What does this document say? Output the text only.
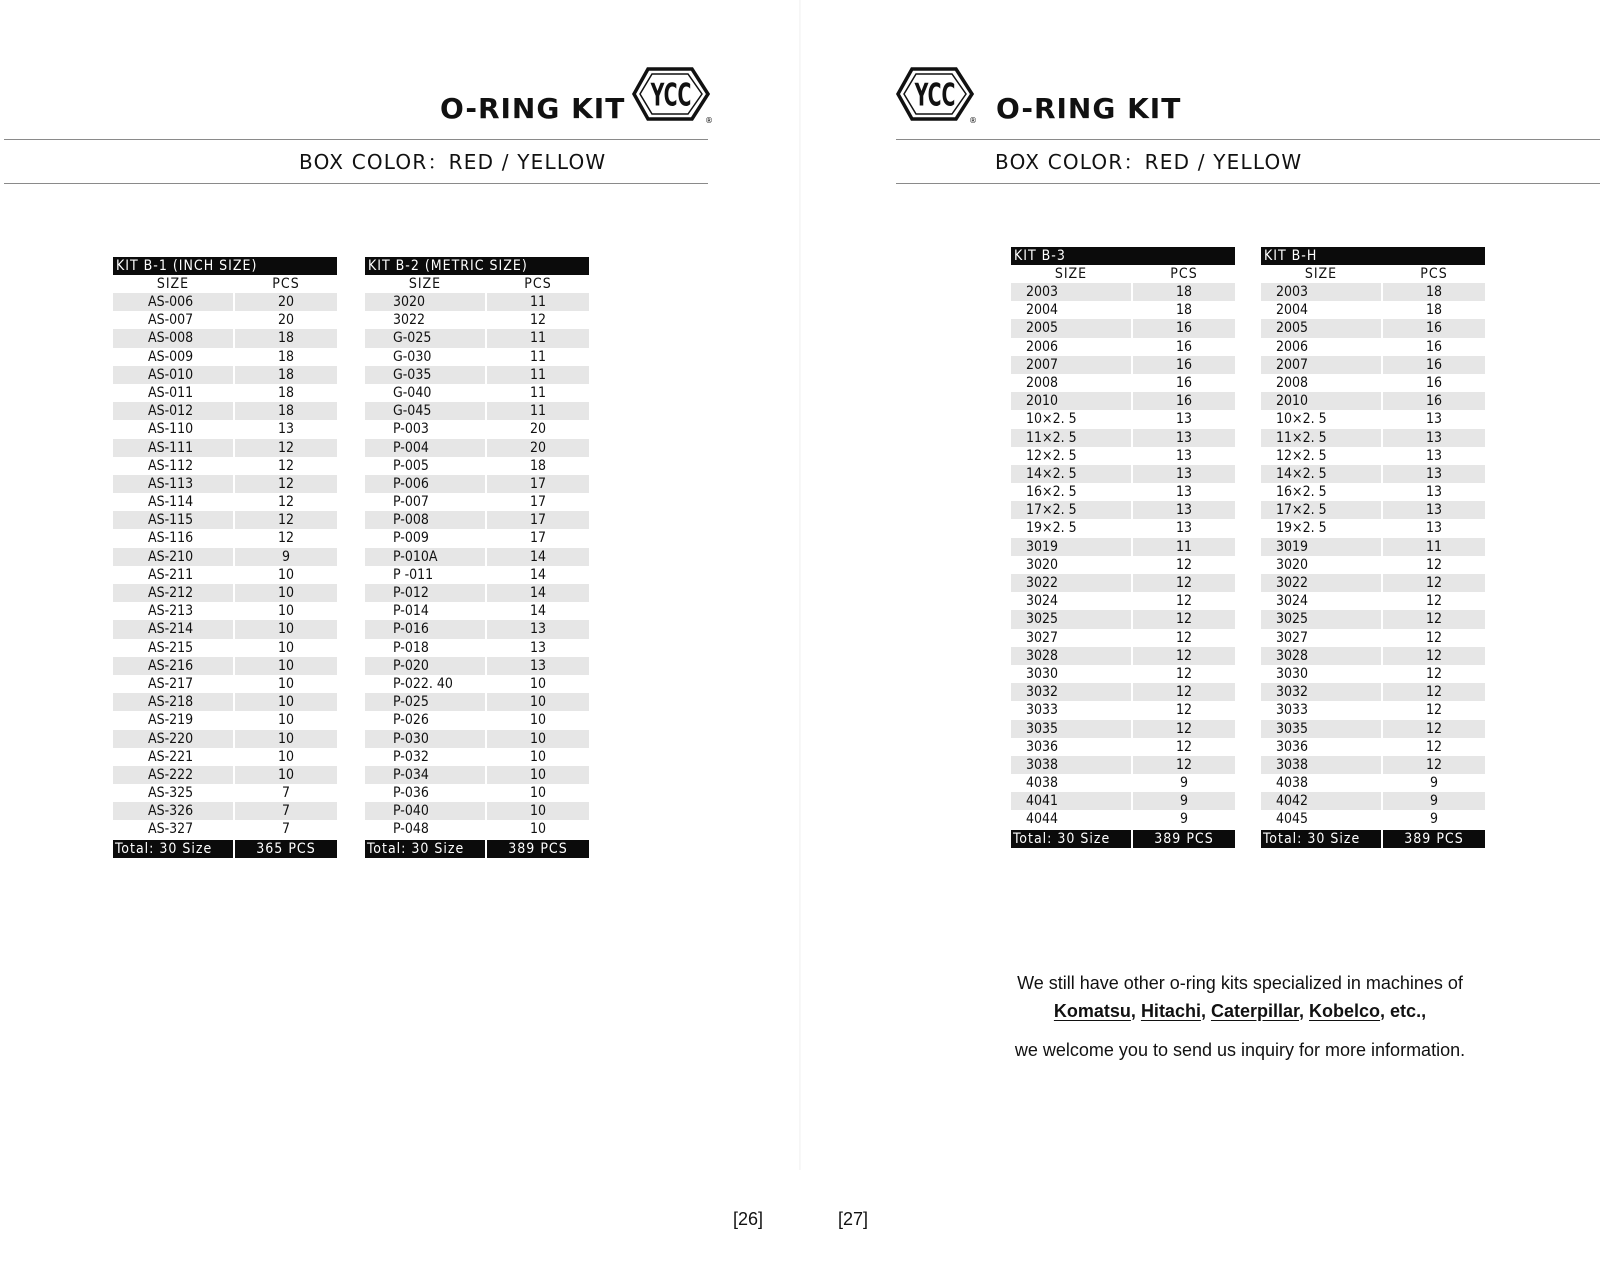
O-RING KIT YCC
®
BOX COLOR：RED / YELLOW
KIT B-1 (INCH SIZE)
SIZE	PCS
AS-006	20
AS-007	20
AS-008	18
AS-009	18
AS-010	18
AS-011	18
AS-012	18
AS-110	13
AS-111	12
AS-112	12
AS-113	12
AS-114	12
AS-115	12
AS-116	12
AS-210	9
AS-211	10
AS-212	10
AS-213	10
AS-214	10
AS-215	10
AS-216	10
AS-217	10
AS-218	10
AS-219	10
AS-220	10
AS-221	10
AS-222	10
AS-325	7
AS-326	7
AS-327	7
Total: 30 Size	365 PCS
KIT B-2 (METRIC SIZE)
SIZE	PCS
3020	11
3022	12
G-025	11
G-030	11
G-035	11
G-040	11
G-045	11
P-003	20
P-004	20
P-005	18
P-006	17
P-007	17
P-008	17
P-009	17
P-010A	14
P -011	14
P-012	14
P-014	14
P-016	13
P-018	13
P-020	13
P-022. 40	10
P-025	10
P-026	10
P-030	10
P-032	10
P-034	10
P-036	10
P-040	10
P-048	10
Total: 30 Size	389 PCS
[26]
YCC
® O-RING KIT
BOX COLOR：RED / YELLOW
KIT B-3
SIZE	PCS
2003	18
2004	18
2005	16
2006	16
2007	16
2008	16
2010	16
10×2. 5	13
11×2. 5	13
12×2. 5	13
14×2. 5	13
16×2. 5	13
17×2. 5	13
19×2. 5	13
3019	11
3020	12
3022	12
3024	12
3025	12
3027	12
3028	12
3030	12
3032	12
3033	12
3035	12
3036	12
3038	12
4038	9
4041	9
4044	9
Total: 30 Size	389 PCS
KIT B-H
SIZE	PCS
2003	18
2004	18
2005	16
2006	16
2007	16
2008	16
2010	16
10×2. 5	13
11×2. 5	13
12×2. 5	13
14×2. 5	13
16×2. 5	13
17×2. 5	13
19×2. 5	13
3019	11
3020	12
3022	12
3024	12
3025	12
3027	12
3028	12
3030	12
3032	12
3033	12
3035	12
3036	12
3038	12
4038	9
4042	9
4045	9
Total: 30 Size	389 PCS
We still have other o-ring kits specialized in machines of
Komatsu, Hitachi, Caterpillar, Kobelco, etc.,
we welcome you to send us inquiry for more information.
[27]
